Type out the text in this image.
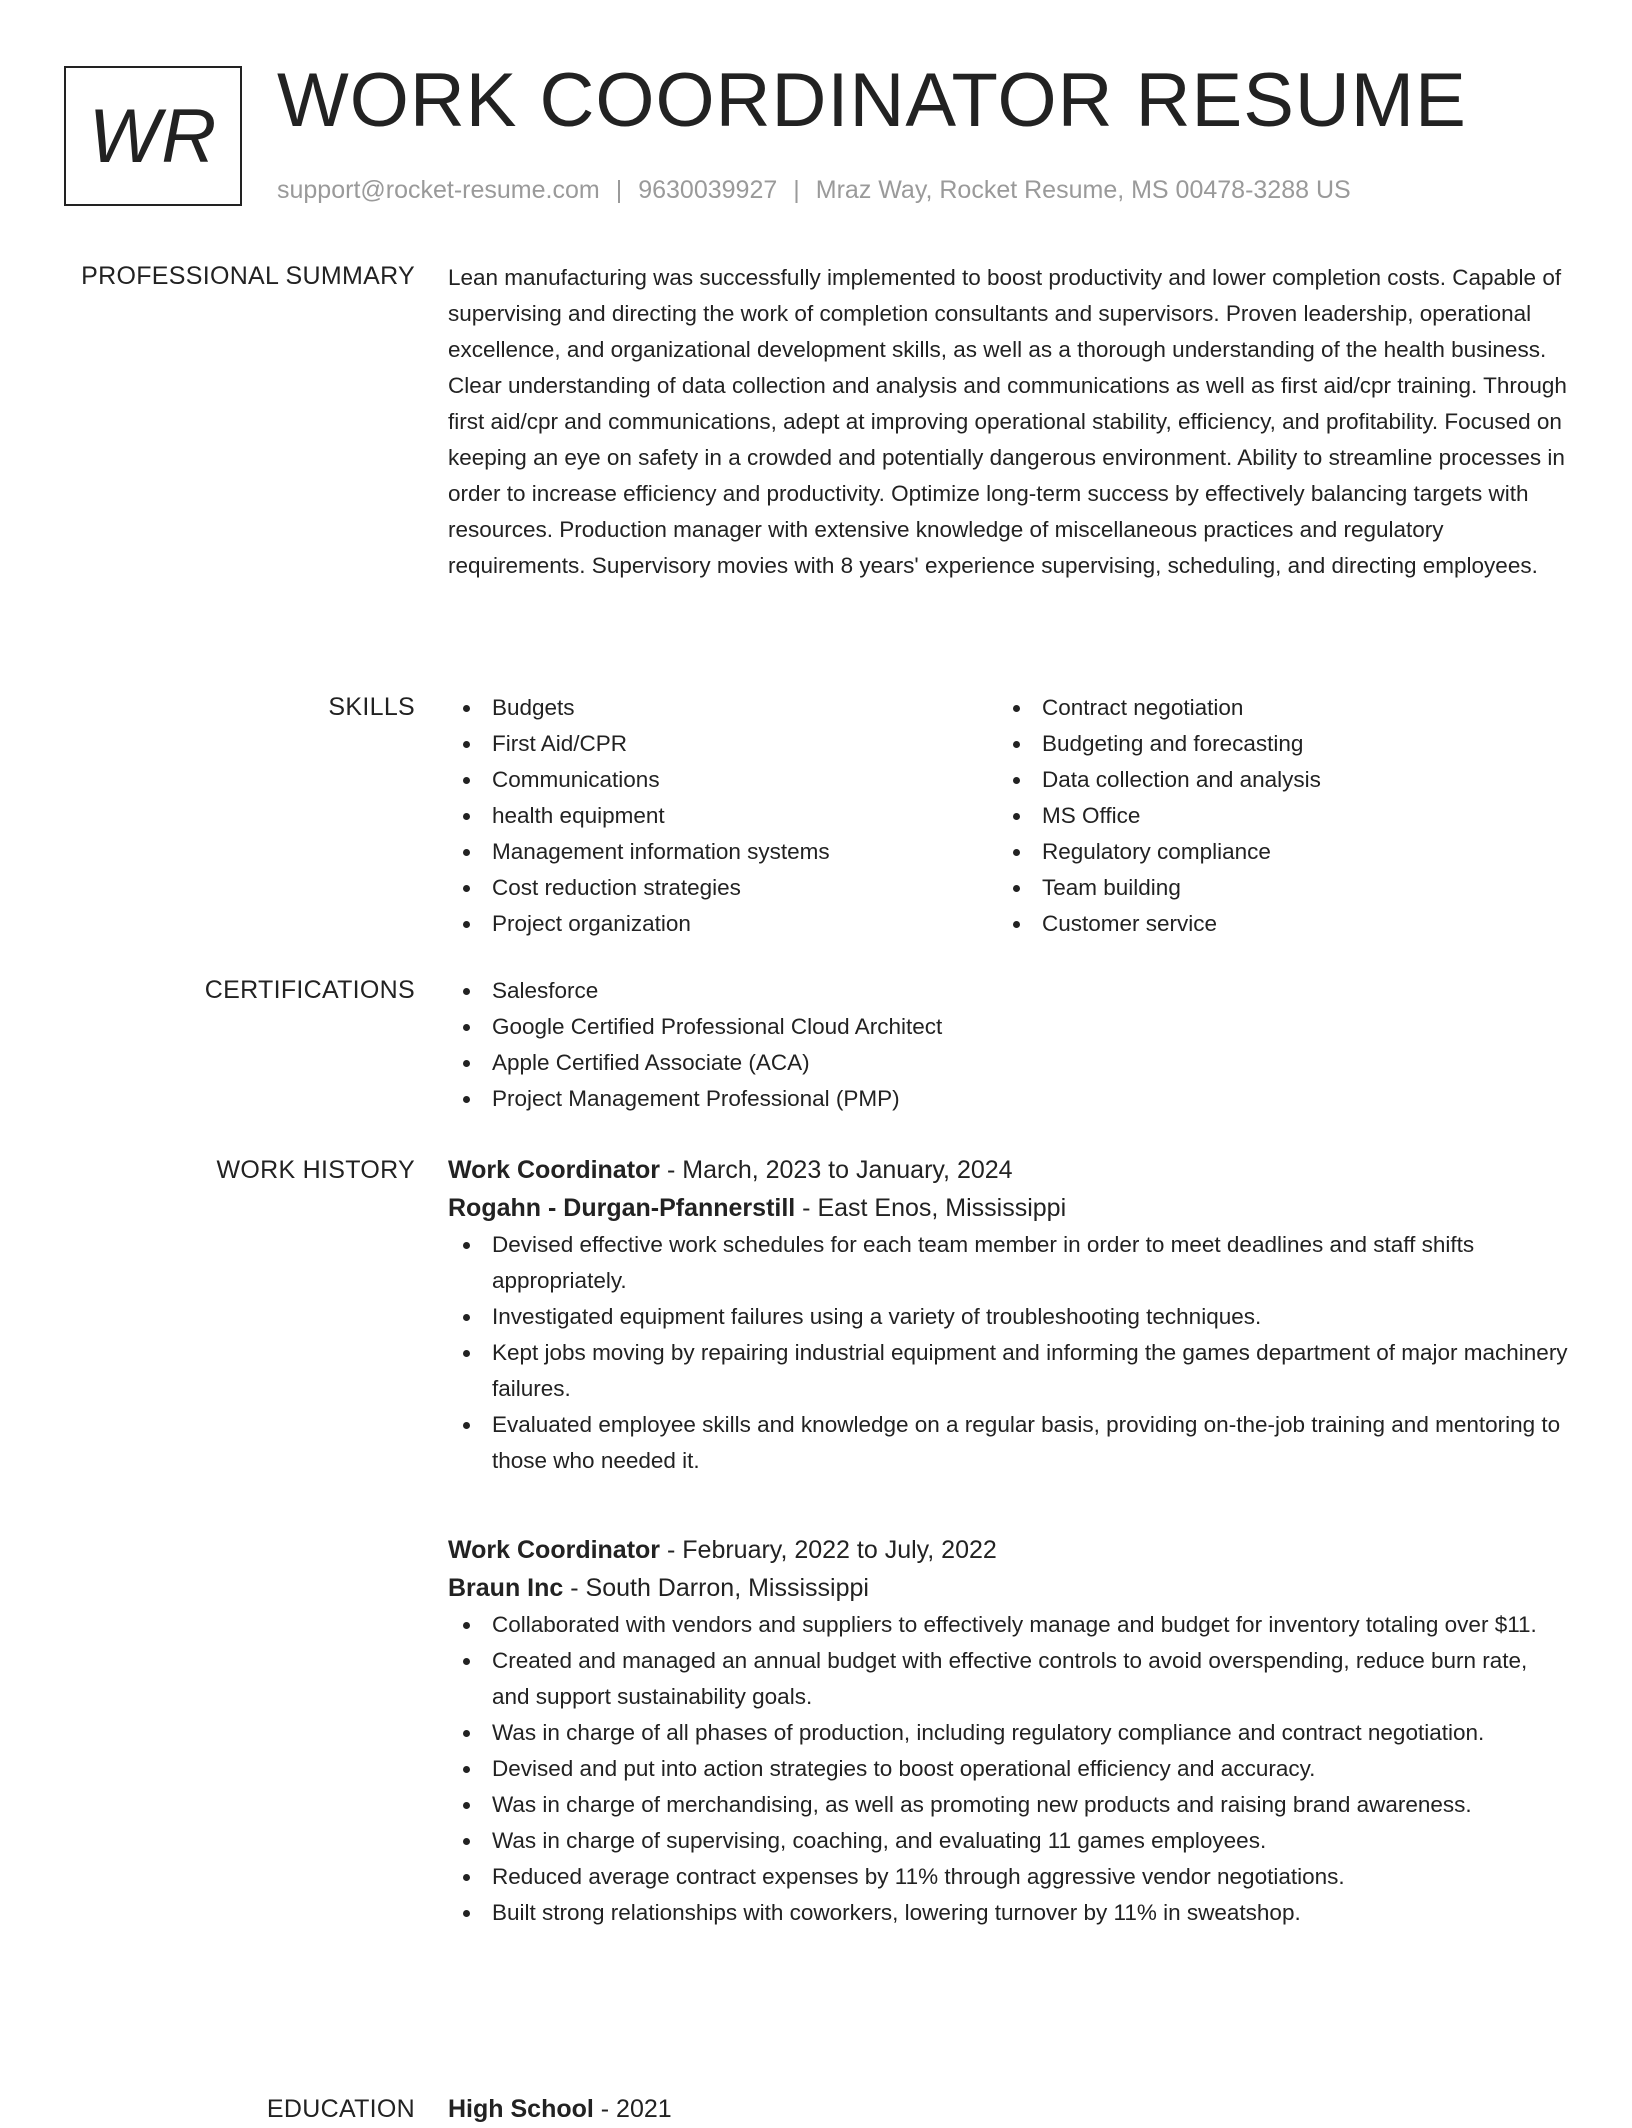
WR WORK COORDINATOR RESUME
support@rocket-resume.com | 9630039927 | Mraz Way, Rocket Resume, MS 00478-3288 US
PROFESSIONAL SUMMARY Lean manufacturing was successfully implemented to boost productivity and lower completion costs. Capable of supervising and directing the work of completion consultants and supervisors. Proven leadership, operational excellence, and organizational development skills, as well as a thorough understanding of the health business. Clear understanding of data collection and analysis and communications as well as first aid/cpr training. Through first aid/cpr and communications, adept at improving operational stability, efficiency, and profitability. Focused on keeping an eye on safety in a crowded and potentially dangerous environment. Ability to streamline processes in order to increase efficiency and productivity. Optimize long-term success by effectively balancing targets with resources. Production manager with extensive knowledge of miscellaneous practices and regulatory requirements. Supervisory movies with 8 years' experience supervising, scheduling, and directing employees.
SKILLS	Budgets
First Aid/CPR
Communications
health equipment
Management information systems
Cost reduction strategies
Project organization
Contract negotiation
Budgeting and forecasting
Data collection and analysis
MS Office
Regulatory compliance
Team building
Customer service
CERTIFICATIONS	Salesforce
Google Certified Professional Cloud Architect
Apple Certified Associate (ACA)
Project Management Professional (PMP)
WORK HISTORY Work Coordinator - March, 2023 to January, 2024
Rogahn - Durgan-Pfannerstill - East Enos, Mississippi
Devised effective work schedules for each team member in order to meet deadlines and staff shifts appropriately.
Investigated equipment failures using a variety of troubleshooting techniques.
Kept jobs moving by repairing industrial equipment and informing the games department of major machinery failures.
Evaluated employee skills and knowledge on a regular basis, providing on-the-job training and mentoring to those who needed it.
Work Coordinator - February, 2022 to July, 2022
Braun Inc - South Darron, Mississippi
Collaborated with vendors and suppliers to effectively manage and budget for inventory totaling over $11.
Created and managed an annual budget with effective controls to avoid overspending, reduce burn rate, and support sustainability goals.
Was in charge of all phases of production, including regulatory compliance and contract negotiation.
Devised and put into action strategies to boost operational efficiency and accuracy.
Was in charge of merchandising, as well as promoting new products and raising brand awareness.
Was in charge of supervising, coaching, and evaluating 11 games employees.
Reduced average contract expenses by 11% through aggressive vendor negotiations.
Built strong relationships with coworkers, lowering turnover by 11% in sweatshop.
EDUCATION High School - 2021
